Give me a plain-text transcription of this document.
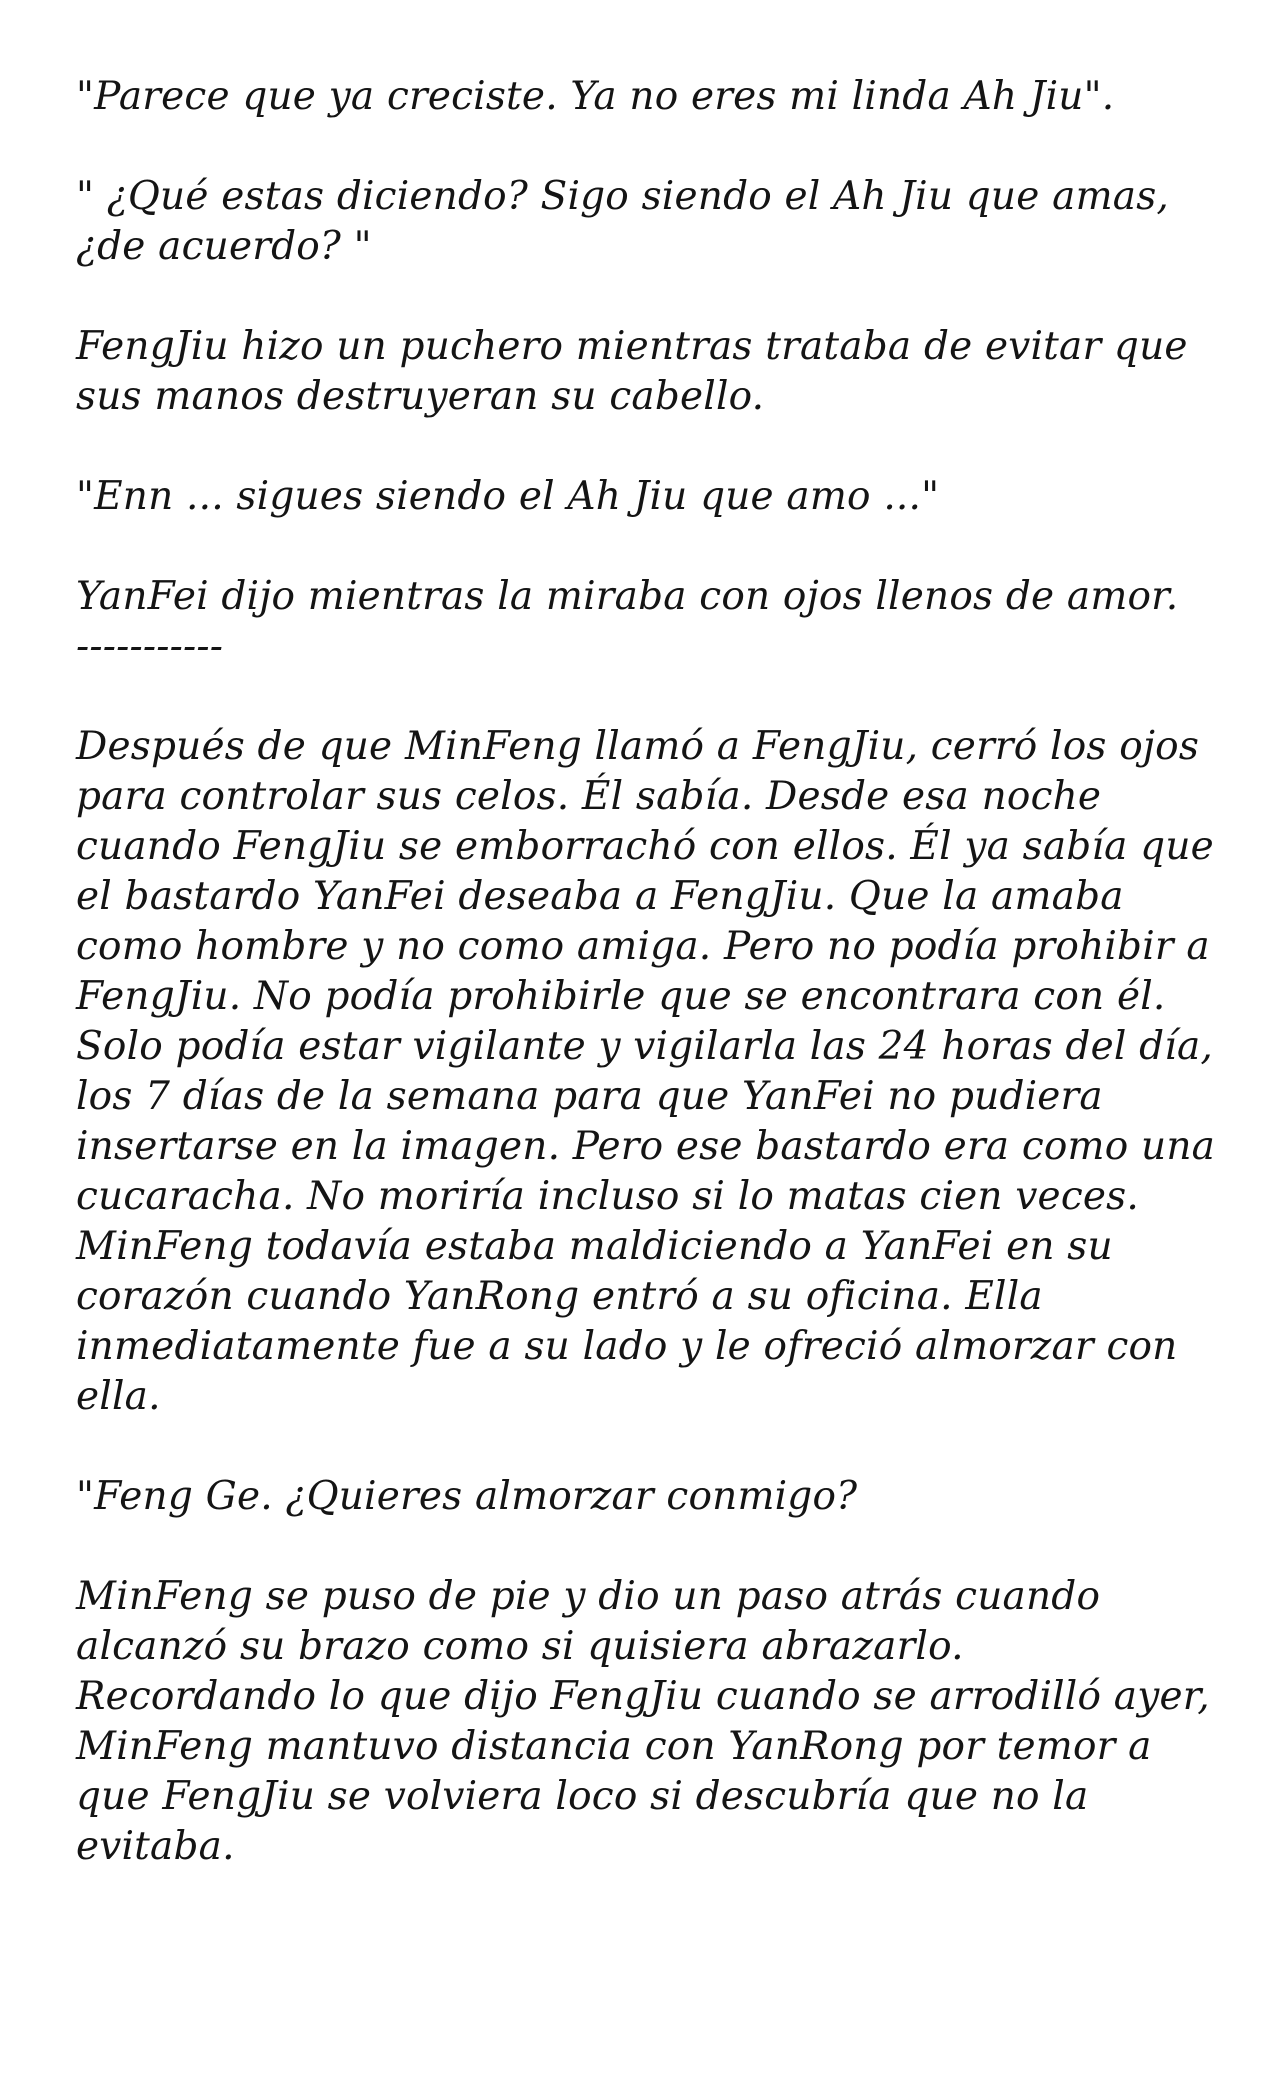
"Parece que ya creciste. Ya no eres mi linda Ah Jiu".

" ¿Qué estas diciendo? Sigo siendo el Ah Jiu que amas, ¿de acuerdo? "

FengJiu hizo un puchero mientras trataba de evitar que sus manos destruyeran su cabello.

"Enn ... sigues siendo el Ah Jiu que amo ..."

YanFei dijo mientras la miraba con ojos llenos de amor.

-----------

Después de que MinFeng llamó a FengJiu, cerró los ojos para controlar sus celos. Él sabía. Desde esa noche cuando FengJiu se emborrachó con ellos. Él ya sabía que el bastardo YanFei deseaba a FengJiu. Que la amaba como hombre y no como amiga. Pero no podía prohibir a FengJiu. No podía prohibirle que se encontrara con él. Solo podía estar vigilante y vigilarla las 24 horas del día, los 7 días de la semana para que YanFei no pudiera insertarse en la imagen. Pero ese bastardo era como una cucaracha. No moriría incluso si lo matas cien veces. MinFeng todavía estaba maldiciendo a YanFei en su corazón cuando YanRong entró a su oficina. Ella inmediatamente fue a su lado y le ofreció almorzar con ella.

"Feng Ge. ¿Quieres almorzar conmigo?

MinFeng se puso de pie y dio un paso atrás cuando alcanzó su brazo como si quisiera abrazarlo. Recordando lo que dijo FengJiu cuando se arrodilló ayer, MinFeng mantuvo distancia con YanRong por temor a que FengJiu se volviera loco si descubría que no la evitaba.
